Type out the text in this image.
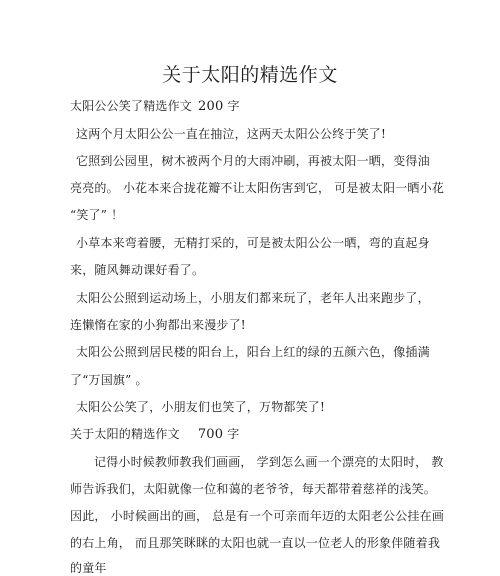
关于太阳的精选作文
太阳公公笑了精选作文 200 字
这两个月太阳公公一直在抽泣，这两天太阳公公终于笑了!
它照到公园里，树木被两个月的大雨冲刷，再被太阳一晒，变得油
亮亮的。 小花本来合拢花瓣不让太阳伤害到它， 可是被太阳一晒小花
“笑了” ！
小草本来弯着腰，无精打采的，可是被太阳公公一晒，弯的直起身
来，随风舞动课好看了。
太阳公公照到运动场上，小朋友们都来玩了，老年人出来跑步了，
连懒惰在家的小狗都出来漫步了!
太阳公公照到居民楼的阳台上，阳台上红的绿的五颜六色，像插满
了“万国旗” 。
太阳公公笑了，小朋友们也笑了，万物都笑了!
关于太阳的精选作文 700 字
记得小时候教师教我们画画， 学到怎么画一个漂亮的太阳时， 教
师告诉我们，太阳就像一位和蔼的老爷爷，每天都带着慈祥的浅笑。
因此， 小时候画出的画， 总是有一个可亲而年迈的太阳老公公挂在画
的右上角， 而且那笑眯眯的太阳也就一直以一位老人的形象伴随着我
的童年
